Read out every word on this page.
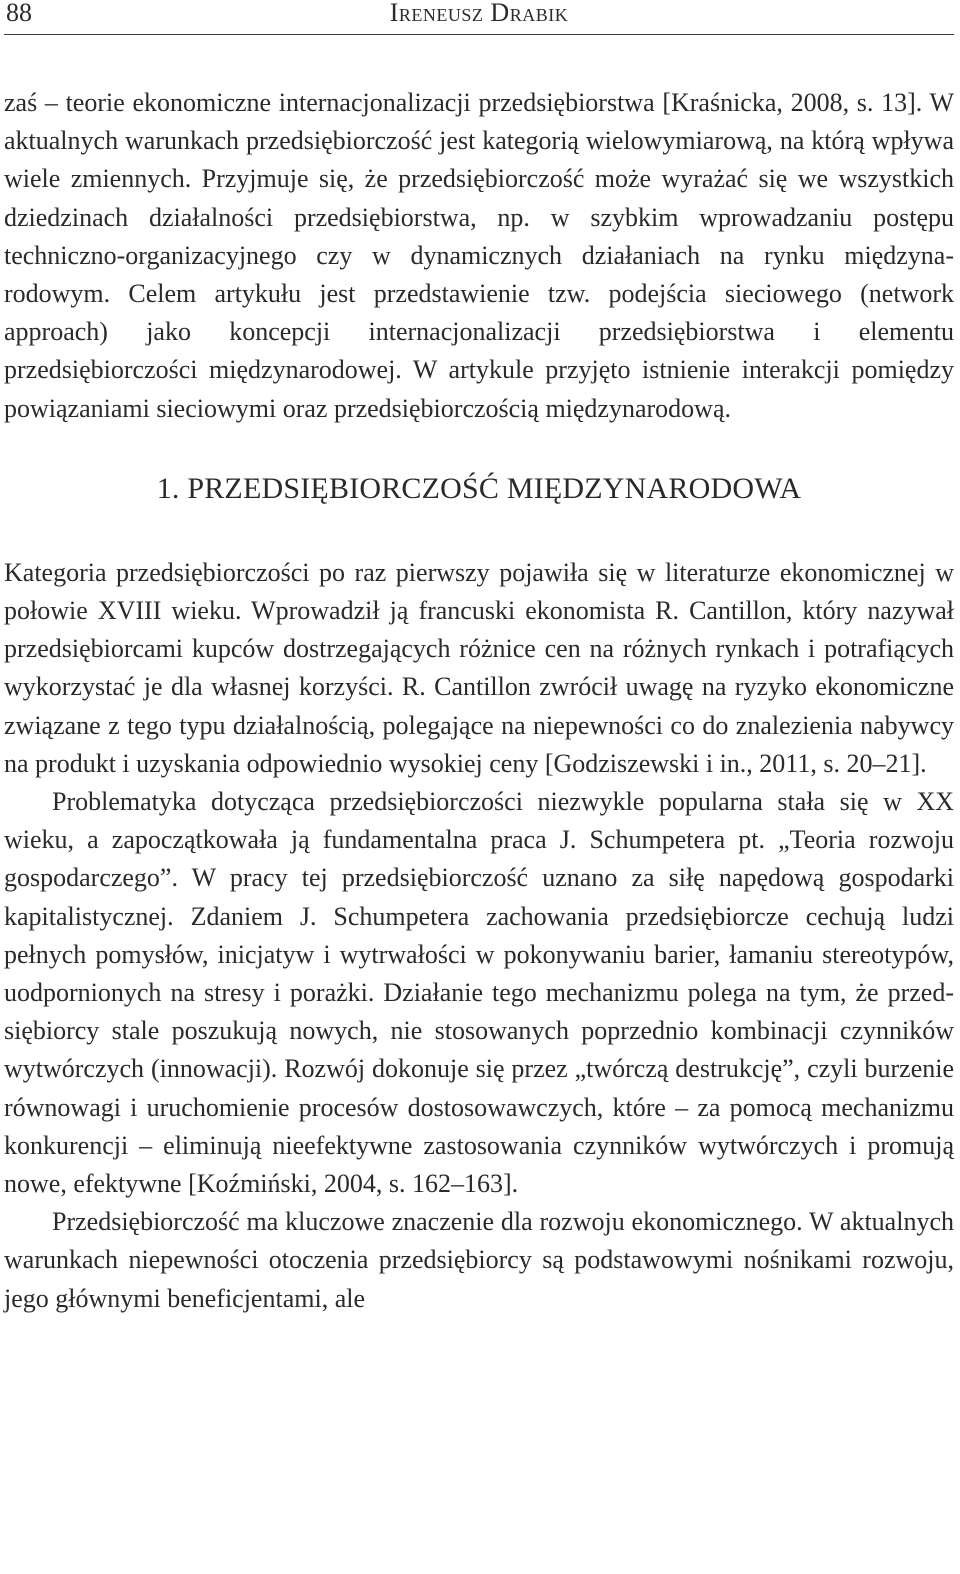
88	Ireneusz Drabik

zaś – teorie ekonomiczne internacjonalizacji przedsiębiorstwa [Kraśnicka, 2008, s. 13]. W aktualnych warunkach przedsiębiorczość jest kategorią wielowymiarową, na którą wpływa wiele zmiennych. Przyjmuje się, że przedsiębiorczość może wyrażać się we wszystkich dziedzinach działalności przedsiębiorstwa, np. w szybkim wprowadzaniu postępu techniczno-organizacyjnego czy w dynamicznych działaniach na rynku międzynarodowym. Celem artykułu jest przedstawienie tzw. podejścia sieciowego (network approach) jako koncepcji internacjonalizacji przedsiębiorstwa i elementu przedsiębiorczości międzynarodowej. W artykule przyjęto istnienie interakcji pomiędzy powiązaniami sieciowymi oraz przedsiębiorczością międzynarodową.

1. PRZEDSIĘBIORCZOŚĆ MIĘDZYNARODOWA

Kategoria przedsiębiorczości po raz pierwszy pojawiła się w literaturze ekonomicznej w połowie XVIII wieku. Wprowadził ją francuski ekonomista R. Cantillon, który nazywał przedsiębiorcami kupców dostrzegających różnice cen na różnych rynkach i potrafiących wykorzystać je dla własnej korzyści. R. Cantillon zwrócił uwagę na ryzyko ekonomiczne związane z tego typu działalnością, polegające na niepewności co do znalezienia nabywcy na produkt i uzyskania odpowiednio wysokiej ceny [Godziszewski i in., 2011, s. 20–21].

Problematyka dotycząca przedsiębiorczości niezwykle popularna stała się w XX wieku, a zapoczątkowała ją fundamentalna praca J. Schumpetera pt. „Teoria rozwoju gospodarczego”. W pracy tej przedsiębiorczość uznano za siłę napędową gospodarki kapitalistycznej. Zdaniem J. Schumpetera zachowania przedsiębiorcze cechują ludzi pełnych pomysłów, inicjatyw i wytrwałości w pokonywaniu barier, łamaniu stereotypów, uodpornionych na stresy i porażki. Działanie tego mechanizmu polega na tym, że przedsiębiorcy stale poszukują nowych, nie stosowanych poprzednio kombinacji czynników wytwórczych (innowacji). Rozwój dokonuje się przez „twórczą destrukcję”, czyli burzenie równowagi i uruchomienie procesów dostosowawczych, które – za pomocą mechanizmu konkurencji – eliminują nieefektywne zastosowania czynników wytwórczych i promują nowe, efektywne [Koźmiński, 2004, s. 162–163].

Przedsiębiorczość ma kluczowe znaczenie dla rozwoju ekonomicznego. W aktualnych warunkach niepewności otoczenia przedsiębiorcy są podstawowymi nośnikami rozwoju, jego głównymi beneficjentami, ale
